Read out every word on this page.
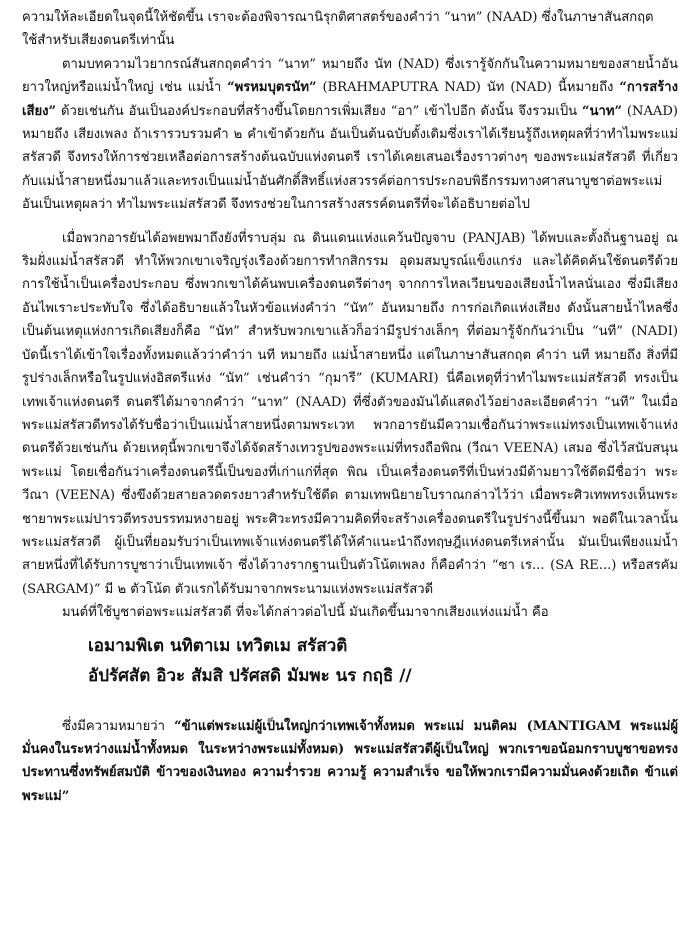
ความให้ละเอียดในจุดนี้ให้ชัดขึ้น เราจะต้องพิจารณานิรุกติศาสตร์ของคำว่า “นาท” (NAAD) ซึ่งในภาษาสันสกฤต
ใช้สำหรับเสียงดนตรีเท่านั้น

ตามบทความไวยากรณ์สันสกฤตคำว่า “นาท” หมายถึง นัท (NAD) ซึ่งเรารู้จักกันในความหมายของสายน้ำอันยาวใหญ่หรือแม่น้ำใหญ่ เช่น แม่น้ำ “พรหมบุตรนัท” (BRAHMAPUTRA NAD) นัท (NAD) นี้หมายถึง “การสร้างเสียง” ด้วยเช่นกัน อันเป็นองค์ประกอบที่สร้างขึ้นโดยการเพิ่มเสียง “อา” เข้าไปอีก ดังนั้น จึงรวมเป็น “นาท” (NAAD) หมายถึง เสียงเพลง ถ้าเรารวบรวมคำ ๒ คำเข้าด้วยกัน อันเป็นต้นฉบับดั้งเดิมซึ่งเราได้เรียนรู้ถึงเหตุผลที่ว่าทำไมพระแม่สรัสวดี จึงทรงให้การช่วยเหลือต่อการสร้างต้นฉบับแห่งดนตรี เราได้เคยเสนอเรื่องราวต่างๆ ของพระแม่สรัสวดี ที่เกี่ยวกับแม่น้ำสายหนึ่งมาแล้วและทรงเป็นแม่น้ำอันศักดิ์สิทธิ์แห่งสวรรค์ต่อการประกอบพิธีกรรมทางศาสนาบูชาต่อพระแม่ อันเป็นเหตุผลว่า ทำไมพระแม่สรัสวดี จึงทรงช่วยในการสร้างสรรค์ดนตรีที่จะได้อธิบายต่อไป

เมื่อพวกอารยันได้อพยพมาถึงยังที่ราบลุ่ม ณ ดินแดนแห่งแคว้นปัญจาบ (PANJAB) ได้พบและตั้งถิ่นฐานอยู่ ณ ริมฝั่งแม่น้ำสรัสวดี ทำให้พวกเขาเจริญรุ่งเรืองด้วยการทำกสิกรรม อุดมสมบูรณ์แข็งแกร่ง และได้คิดค้นใช้ดนตรีด้วยการใช้น้ำเป็นเครื่องประกอบ ซึ่งพวกเขาได้ค้นพบเครื่องดนตรีต่างๆ จากการไหลเวียนของเสียงน้ำไหลนั่นเอง ซึ่งมีเสียงอันไพเราะประทับใจ ซึ่งได้อธิบายแล้วในหัวข้อแห่งคำว่า “นัท” อันหมายถึง การก่อเกิดแห่งเสียง ดังนั้นสายน้ำไหลซึ่งเป็นต้นเหตุแห่งการเกิดเสียงก็คือ “นัท” สำหรับพวกเขาแล้วก็อว่ามีรูปร่างเล็กๆ ที่ต่อมารู้จักกันว่าเป็น “นที” (NADI) บัดนี้เราได้เข้าใจเรื่องทั้งหมดแล้วว่าคำว่า นที หมายถึง แม่น้ำสายหนึ่ง แต่ในภาษาสันสกฤต คำว่า นที หมายถึง สิ่งที่มีรูปร่างเล็กหรือในรูปแห่งอิสตรีแห่ง “นัท” เช่นคำว่า “กุมารี” (KUMARI) นี่คือเหตุที่ว่าทำไมพระแม่สรัสวดี ทรงเป็นเทพเจ้าแห่งดนตรี ดนตรีได้มาจากคำว่า “นาท” (NAAD) ที่ซึ่งตัวของมันได้แสดงไว้อย่างละเอียดคำว่า “นที” ในเมื่อพระแม่สรัสวดีทรงได้รับชื่อว่าเป็นแม่น้ำสายหนึ่งตามพระเวท พวกอารยันมีความเชื่อกันว่าพระแม่ทรงเป็นเทพเจ้าแห่งดนตรีด้วยเช่นกัน ด้วยเหตุนี้พวกเขาจึงได้จัดสร้างเทวรูปของพระแม่ที่ทรงถือพิณ (วีณา VEENA) เสมอ ซึ่งไว้สนับสนุนพระแม่ โดยเชื่อกันว่าเครื่องดนตรีนี้เป็นของที่เก่าแก่ที่สุด พิณ เป็นเครื่องดนตรีที่เป็นห่วงมีด้ามยาวใช้ดีดมีชื่อว่า พระวีณา (VEENA) ซึ่งขึงด้วยสายลวดตรงยาวสำหรับใช้ดีด ตามเทพนิยายโบราณกล่าวไว้ว่า เมื่อพระศิวเทพทรงเห็นพระชายาพระแม่ปารวตีทรงบรรทมหงายอยู่ พระศิวะทรงมีความคิดที่จะสร้างเครื่องดนตรีในรูปร่างนี้ขึ้นมา พอดีในเวลานั้นพระแม่สรัสวดี ผู้เป็นที่ยอมรับว่าเป็นเทพเจ้าแห่งดนตรีได้ให้คำแนะนำถึงทฤษฎีแห่งดนตรีเหล่านั้น มันเป็นเพียงแม่น้ำสายหนึ่งที่ได้รับการบูชาว่าเป็นเทพเจ้า ซึ่งได้วางรากฐานเป็นตัวโน้ตเพลง ก็คือคำว่า “ซา เร... (SA RE...) หรือสรคัม (SARGAM)” มี ๒ ตัวโน้ต ตัวแรกได้รับมาจากพระนามแห่งพระแม่สรัสวดี

มนต์ที่ใช้บูชาต่อพระแม่สรัสวดี ที่จะได้กล่าวต่อไปนี้ มันเกิดขึ้นมาจากเสียงแห่งแม่น้ำ คือ

เอมามพิเต นทิตาเม เทวิตเม สรัสวติ
อัปรัศสัต อิวะ สัมสิ ปรัศสดิ มัมพะ นร กฤธิ //

ซึ่งมีความหมายว่า “ข้าแต่พระแม่ผู้เป็นใหญ่กว่าเทพเจ้าทั้งหมด พระแม่ มนติคม (MANTIGAM พระแม่ผู้มั่นคงในระหว่างแม่น้ำทั้งหมด ในระหว่างพระแม่ทั้งหมด) พระแม่สรัสวดีผู้เป็นใหญ่ พวกเราขอน้อมกราบบูชาขอทรงประทานซึ่งทรัพย์สมบัติ ข้าวของเงินทอง ความร่ำรวย ความรู้ ความสำเร็จ ขอให้พวกเรามีความมั่นคงด้วยเถิด ข้าแต่พระแม่”
